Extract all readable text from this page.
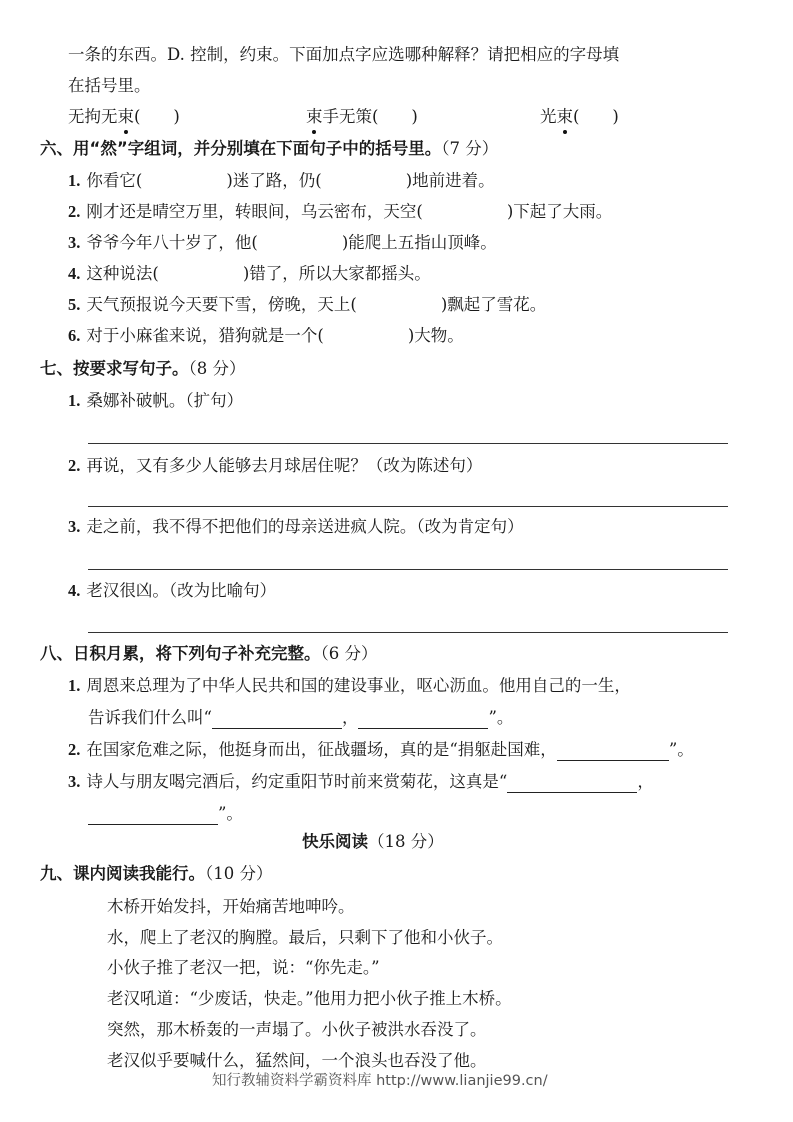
一条的东西。D. 控制，约束。下面加点字应选哪种解释？请把相应的字母填
在括号里。
无拘无束(　　)	束手无策(　　)	光束(　　)
六、用“然”字组词，并分别填在下面句子中的括号里。（7 分）
1. 你看它(	)迷了路，仍(	)地前进着。
2. 刚才还是晴空万里，转眼间，乌云密布，天空(	)下起了大雨。
3. 爷爷今年八十岁了，他(	)能爬上五指山顶峰。
4. 这种说法(	)错了，所以大家都摇头。
5. 天气预报说今天要下雪，傍晚，天上(	)飘起了雪花。
6. 对于小麻雀来说，猎狗就是一个(	)大物。
七、按要求写句子。（8 分）
1. 桑娜补破帆。（扩句）
2. 再说，又有多少人能够去月球居住呢？（改为陈述句）
3. 走之前，我不得不把他们的母亲送进疯人院。（改为肯定句）
4. 老汉很凶。（改为比喻句）
八、日积月累，将下列句子补充完整。（6 分）
1. 周恩来总理为了中华人民共和国的建设事业，呕心沥血。他用自己的一生，
告诉我们什么叫“	，	”。
2. 在国家危难之际，他挺身而出，征战疆场，真的是“捐躯赴国难，	”。
3. 诗人与朋友喝完酒后，约定重阳节时前来赏菊花，这真是“	，
”。
快乐阅读（18 分）
九、课内阅读我能行。（10 分）
木桥开始发抖，开始痛苦地呻吟。
水，爬上了老汉的胸膛。最后，只剩下了他和小伙子。
小伙子推了老汉一把，说：“你先走。”
老汉吼道：“少废话，快走。”他用力把小伙子推上木桥。
突然，那木桥轰的一声塌了。小伙子被洪水吞没了。
老汉似乎要喊什么，猛然间，一个浪头也吞没了他。
知行教辅资料学霸资料库 http://www.lianjie99.cn/
